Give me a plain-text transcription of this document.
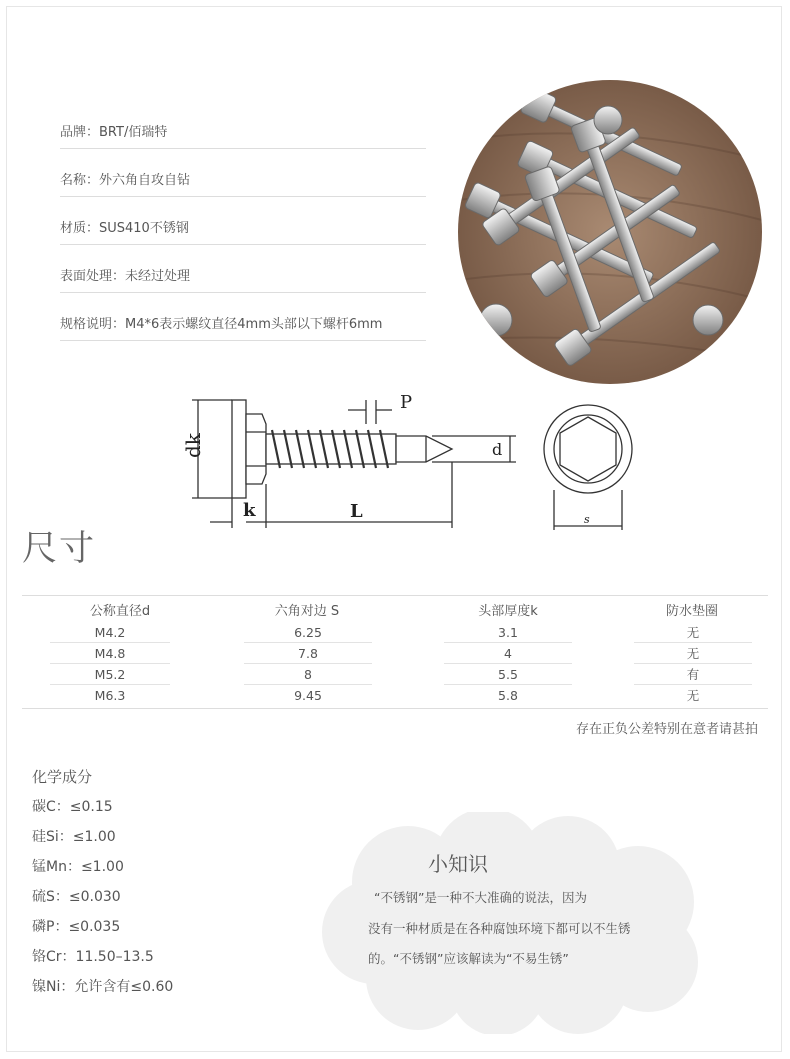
品牌：BRT/佰瑞特
名称：外六角自攻自钻
材质：SUS410不锈钢
表面处理：未经过处理
规格说明：M4*6表示螺纹直径4mm头部以下螺杆6mm
dk
k	L
P
d
s
尺寸
公称直径d	六角对边 S	头部厚度k	防水垫圈
M4.2	6.25	3.1	无
M4.8	7.8	4	无
M5.2	8	5.5	有
M6.3	9.45	5.8	无
存在正负公差特别在意者请甚拍
化学成分
碳C：≤0.15
硅Si：≤1.00
锰Mn：≤1.00
硫S：≤0.030
磷P：≤0.035
铬Cr：11.50–13.5
镍Ni：允许含有≤0.60
小知识
“不锈钢”是一种不大准确的说法，因为
没有一种材质是在各种腐蚀环境下都可以不生锈
的。“不锈钢”应该解读为“不易生锈”
